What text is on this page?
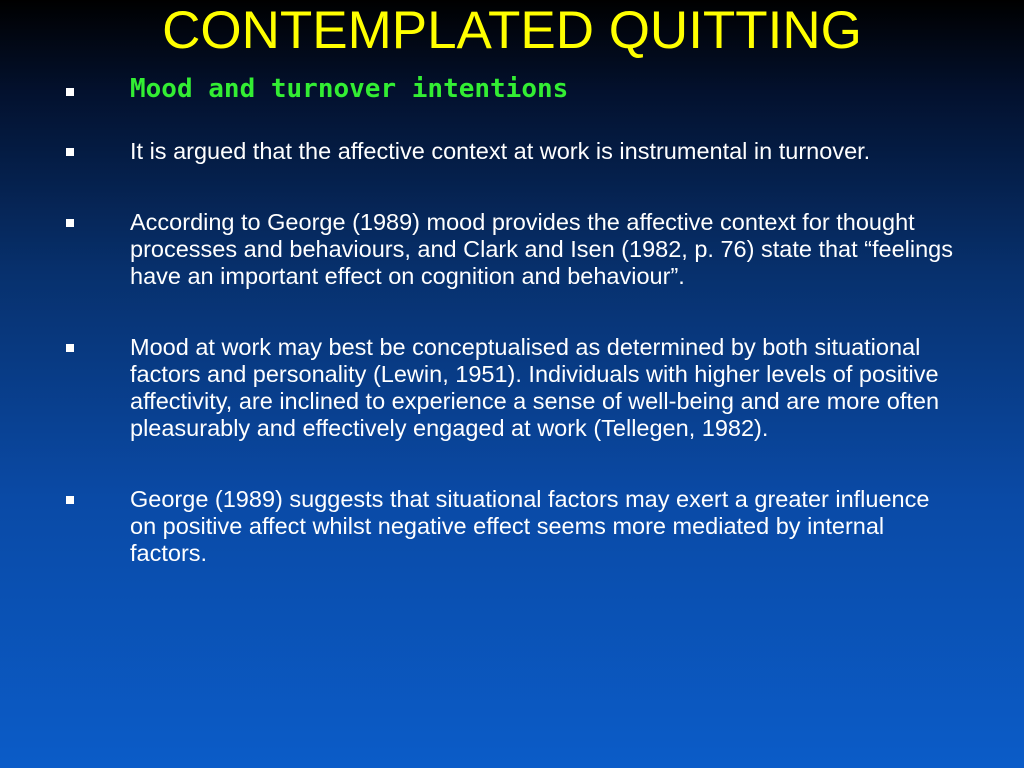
CONTEMPLATED QUITTING
Mood and turnover intentions
It is argued that the affective context at work is instrumental in turnover.
According to George (1989) mood provides the affective context for thought processes and behaviours, and Clark and Isen (1982, p. 76) state that “feelings have an important effect on cognition and behaviour”.
Mood at work may best be conceptualised as determined by both situational factors and personality (Lewin, 1951). Individuals with higher levels of positive affectivity, are inclined to experience a sense of well-being and are more often pleasurably and effectively engaged at work (Tellegen, 1982).
George (1989) suggests that situational factors may exert a greater influence on positive affect whilst negative effect seems more mediated by internal factors.
